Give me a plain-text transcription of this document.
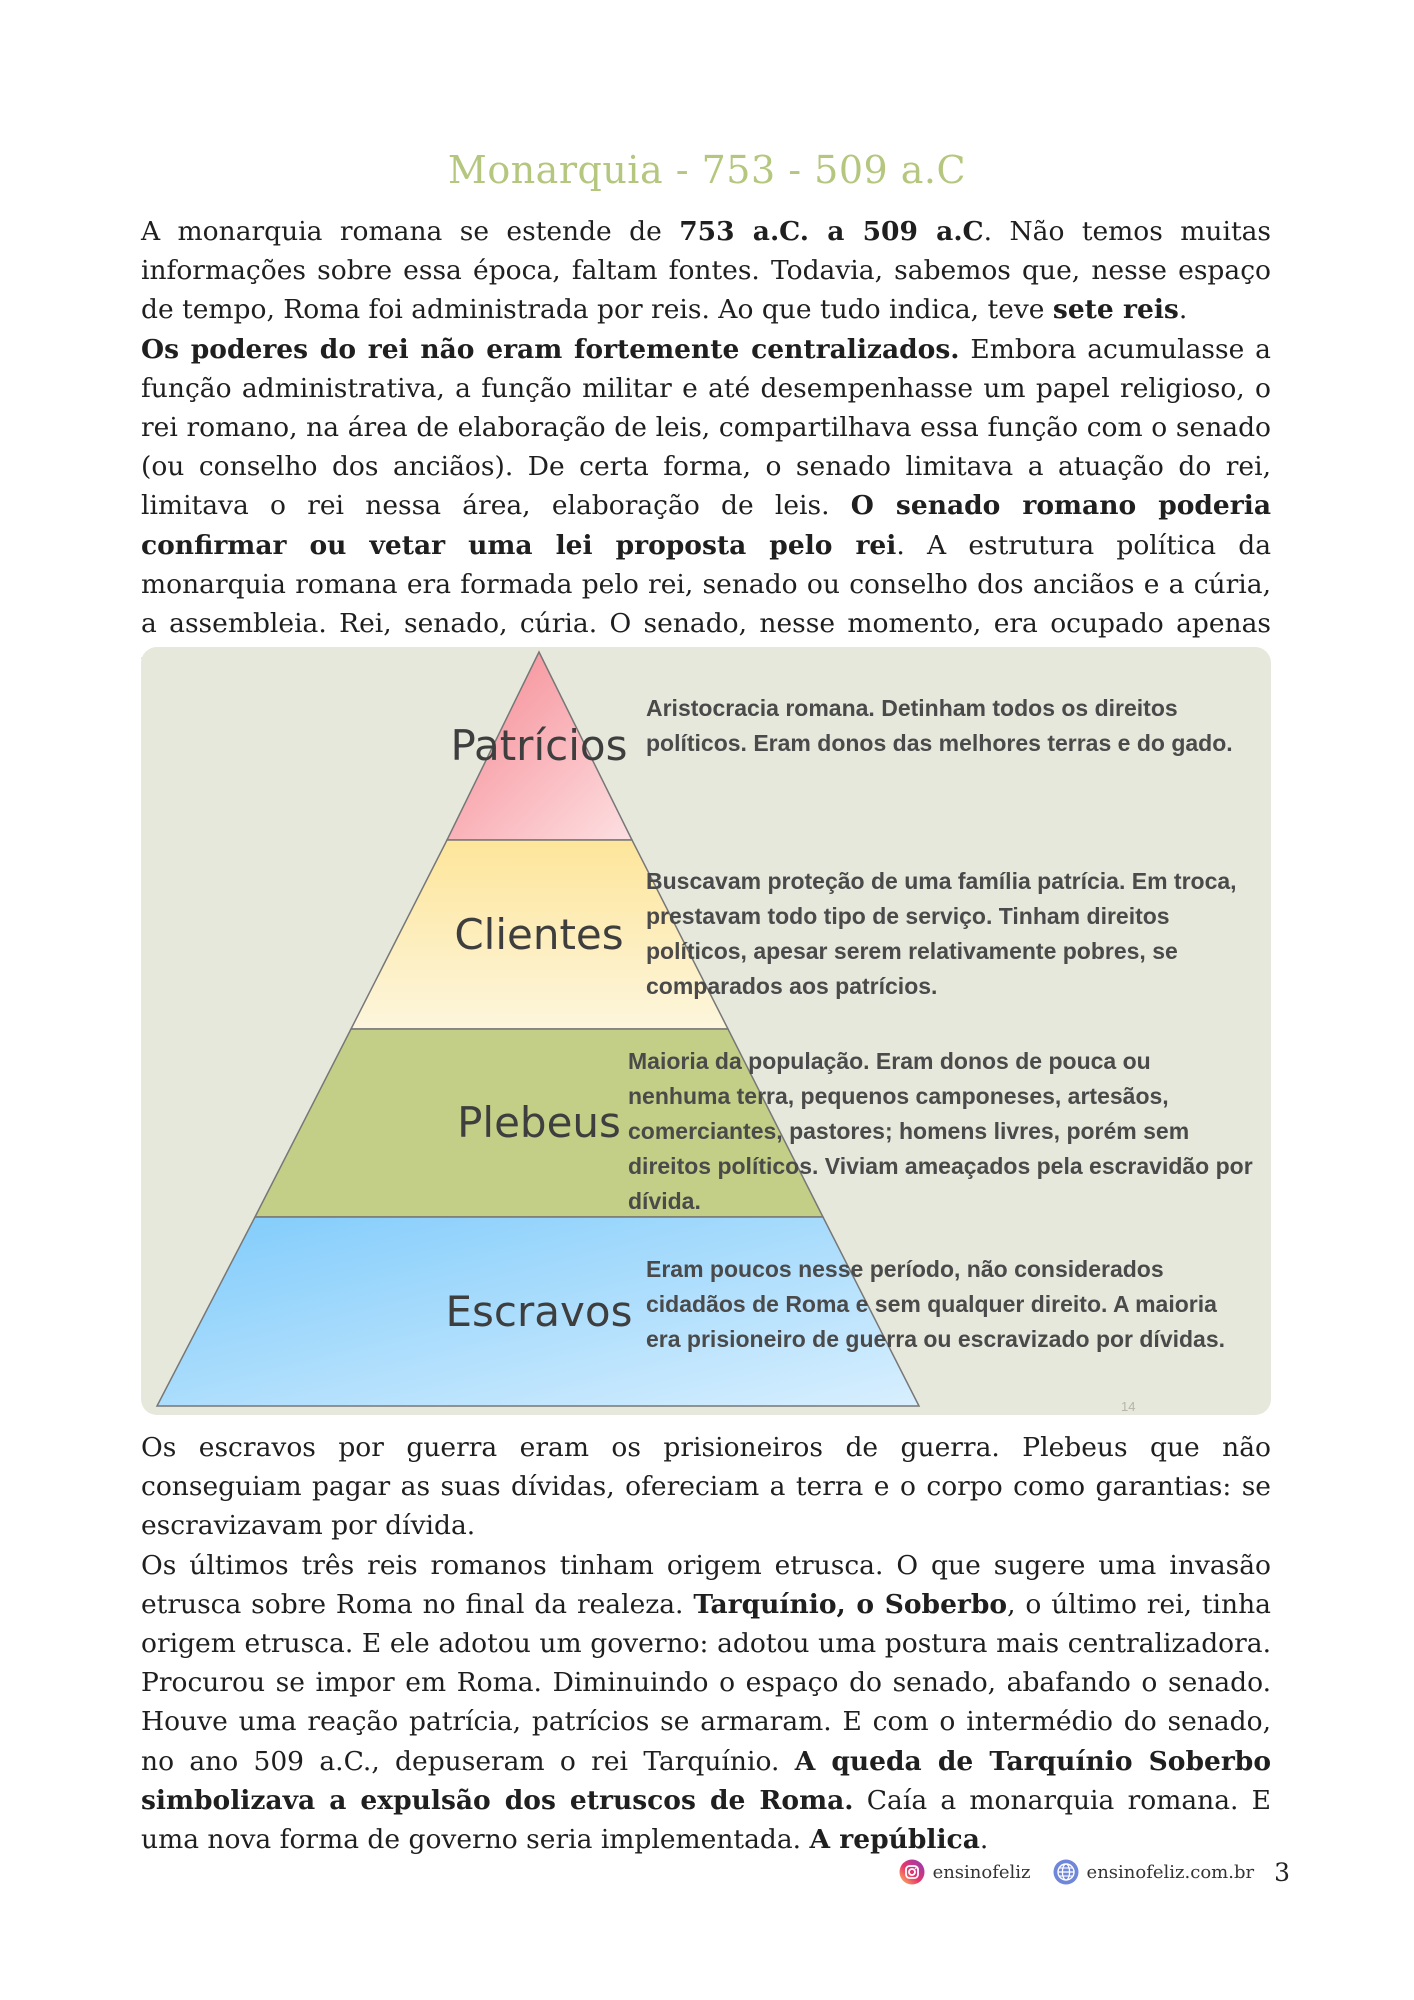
Monarquia - 753 - 509 a.C

A monarquia romana se estende de 753 a.C. a 509 a.C. Não temos muitas informações sobre essa época, faltam fontes. Todavia, sabemos que, nesse espaço de tempo, Roma foi administrada por reis. Ao que tudo indica, teve sete reis.

Os poderes do rei não eram fortemente centralizados. Embora acumulasse a função administrativa, a função militar e até desempenhasse um papel religioso, o rei romano, na área de elaboração de leis, compartilhava essa função com o senado (ou conselho dos anciãos). De certa forma, o senado limitava a atuação do rei, limitava o rei nessa área, elaboração de leis. O senado romano poderia confirmar ou vetar uma lei proposta pelo rei. A estrutura política da monarquia romana era formada pelo rei, senado ou conselho dos anciãos e a cúria, a assembleia. Rei, senado, cúria. O senado, nesse momento, era ocupado apenas

Patrícios
Clientes
Plebeus
Escravos
Aristocracia romana. Detinham todos os direitos políticos. Eram donos das melhores terras e do gado.
Buscavam proteção de uma família patrícia. Em troca, prestavam todo tipo de serviço. Tinham direitos políticos, apesar serem relativamente pobres, se comparados aos patrícios.
Maioria da população. Eram donos de pouca ou nenhuma terra, pequenos camponeses, artesãos, comerciantes, pastores; homens livres, porém sem direitos políticos. Viviam ameaçados pela escravidão por dívida.
Eram poucos nesse período, não considerados cidadãos de Roma e sem qualquer direito. A maioria era prisioneiro de guerra ou escravizado por dívidas.
14

Os escravos por guerra eram os prisioneiros de guerra. Plebeus que não conseguiam pagar as suas dívidas, ofereciam a terra e o corpo como garantias: se escravizavam por dívida.

Os últimos três reis romanos tinham origem etrusca. O que sugere uma invasão etrusca sobre Roma no final da realeza. Tarquínio, o Soberbo, o último rei, tinha origem etrusca. E ele adotou um governo: adotou uma postura mais centralizadora. Procurou se impor em Roma. Diminuindo o espaço do senado, abafando o senado. Houve uma reação patrícia, patrícios se armaram. E com o intermédio do senado, no ano 509 a.C., depuseram o rei Tarquínio. A queda de Tarquínio Soberbo simbolizava a expulsão dos etruscos de Roma. Caía a monarquia romana. E uma nova forma de governo seria implementada. A república.

ensinofeliz	ensinofeliz.com.br 3
